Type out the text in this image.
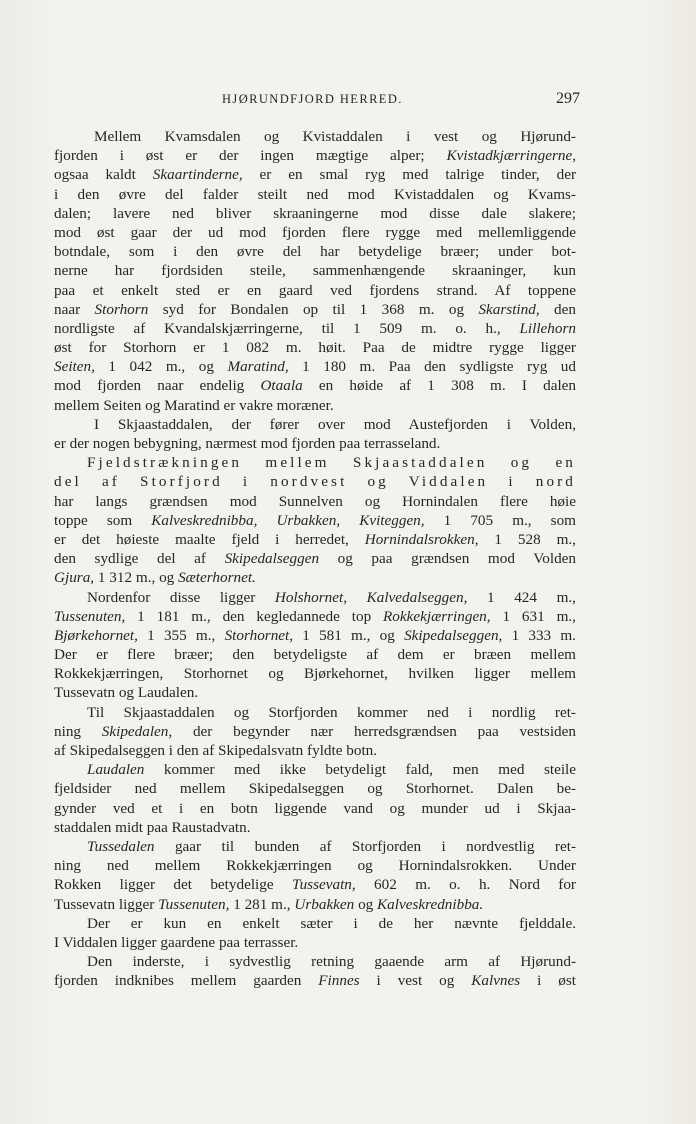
HJØRUNDFJORD HERRED.	297
Mellem Kvamsdalen og Kvistaddalen i vest og Hjørund-
fjorden i øst er der ingen mægtige alper; Kvistadkjærringerne,
ogsaa kaldt Skaartinderne, er en smal ryg med talrige tinder, der
i den øvre del falder steilt ned mod Kvistaddalen og Kvams-
dalen; lavere ned bliver skraaningerne mod disse dale slakere;
mod øst gaar der ud mod fjorden flere rygge med mellemliggende
botndale, som i den øvre del har betydelige bræer; under bot-
nerne har fjordsiden steile, sammenhængende skraaninger, kun
paa et enkelt sted er en gaard ved fjordens strand. Af toppene
naar Storhorn syd for Bondalen op til 1 368 m. og Skarstind, den
nordligste af Kvandalskjærringerne, til 1 509 m. o. h., Lillehorn
øst for Storhorn er 1 082 m. høit. Paa de midtre rygge ligger
Seiten, 1 042 m., og Maratind, 1 180 m. Paa den sydligste ryg ud
mod fjorden naar endelig Otaala en høide af 1 308 m. I dalen
mellem Seiten og Maratind er vakre moræner.
I Skjaastaddalen, der fører over mod Austefjorden i Volden,
er der nogen bebygning, nærmest mod fjorden paa terrasseland.
Fjeldstrækningen mellem Skjaastaddalen og en
del af Storfjord i nordvest og Viddalen i nord
har langs grændsen mod Sunnelven og Hornindalen flere høie
toppe som Kalveskrednibba, Urbakken, Kviteggen, 1 705 m., som
er det høieste maalte fjeld i herredet, Hornindalsrokken, 1 528 m.,
den sydlige del af Skipedalseggen og paa grændsen mod Volden
Gjura, 1 312 m., og Sæterhornet.
Nordenfor disse ligger Holshornet, Kalvedalseggen, 1 424 m.,
Tussenuten, 1 181 m., den kegledannede top Rokkekjærringen, 1 631 m.,
Bjørkehornet, 1 355 m., Storhornet, 1 581 m., og Skipedalseggen, 1 333 m.
Der er flere bræer; den betydeligste af dem er bræen mellem
Rokkekjærringen, Storhornet og Bjørkehornet, hvilken ligger mellem
Tussevatn og Laudalen.
Til Skjaastaddalen og Storfjorden kommer ned i nordlig ret-
ning Skipedalen, der begynder nær herredsgrændsen paa vestsiden
af Skipedalseggen i den af Skipedalsvatn fyldte botn.
Laudalen kommer med ikke betydeligt fald, men med steile
fjeldsider ned mellem Skipedalseggen og Storhornet. Dalen be-
gynder ved et i en botn liggende vand og munder ud i Skjaa-
staddalen midt paa Raustadvatn.
Tussedalen gaar til bunden af Storfjorden i nordvestlig ret-
ning ned mellem Rokkekjærringen og Hornindalsrokken. Under
Rokken ligger det betydelige Tussevatn, 602 m. o. h. Nord for
Tussevatn ligger Tussenuten, 1 281 m., Urbakken og Kalveskrednibba.
Der er kun en enkelt sæter i de her nævnte fjelddale.
I Viddalen ligger gaardene paa terrasser.
Den inderste, i sydvestlig retning gaaende arm af Hjørund-
fjorden indknibes mellem gaarden Finnes i vest og Kalvnes i øst
